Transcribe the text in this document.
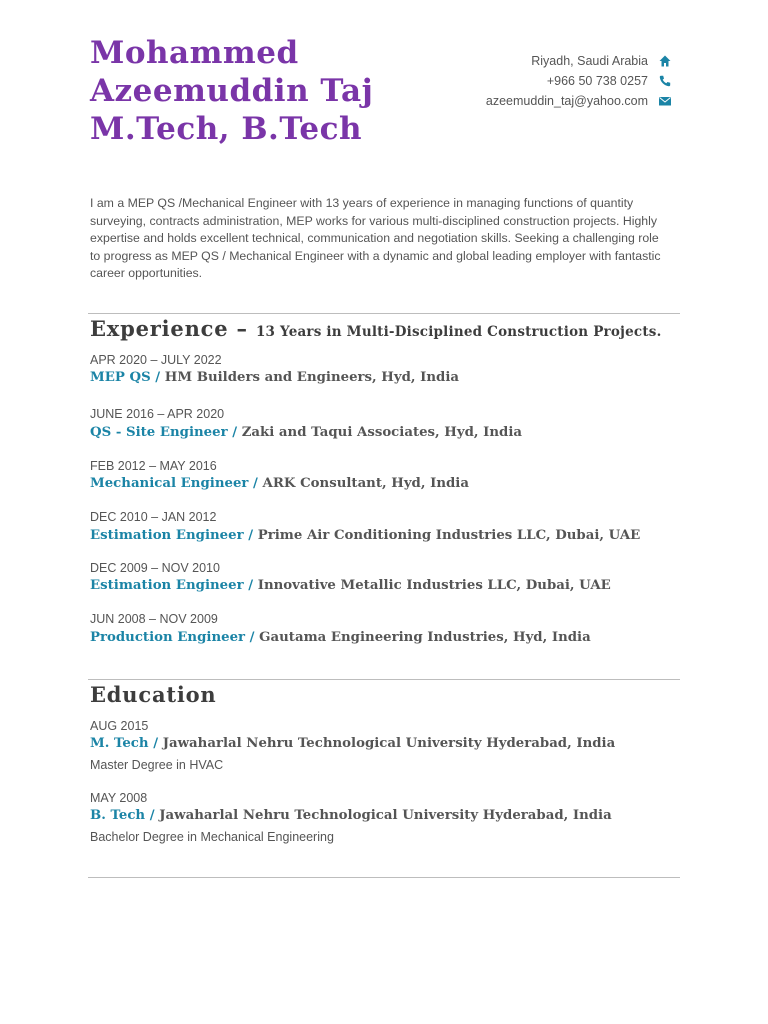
Mohammed
Azeemuddin Taj
M.Tech, B.Tech
Riyadh, Saudi Arabia
+966 50 738 0257
azeemuddin_taj@yahoo.com

I am a MEP QS /Mechanical Engineer with 13 years of experience in managing functions of quantity surveying, contracts administration, MEP works for various multi-disciplined construction projects. Highly expertise and holds excellent technical, communication and negotiation skills. Seeking a challenging role to progress as MEP QS / Mechanical Engineer with a dynamic and global leading employer with fantastic career opportunities.

Experience – 13 Years in Multi-Disciplined Construction Projects.

APR 2020 – JULY 2022

MEP QS / HM Builders and Engineers, Hyd, India

JUNE 2016 – APR 2020

QS - Site Engineer / Zaki and Taqui Associates, Hyd, India

FEB 2012 – MAY 2016

Mechanical Engineer / ARK Consultant, Hyd, India

DEC 2010 – JAN 2012

Estimation Engineer / Prime Air Conditioning Industries LLC, Dubai, UAE

DEC 2009 – NOV 2010

Estimation Engineer / Innovative Metallic Industries LLC, Dubai, UAE

JUN 2008 – NOV 2009

Production Engineer / Gautama Engineering Industries, Hyd, India

Education

AUG 2015

M. Tech / Jawaharlal Nehru Technological University Hyderabad, India

Master Degree in HVAC

MAY 2008

B. Tech / Jawaharlal Nehru Technological University Hyderabad, India

Bachelor Degree in Mechanical Engineering
